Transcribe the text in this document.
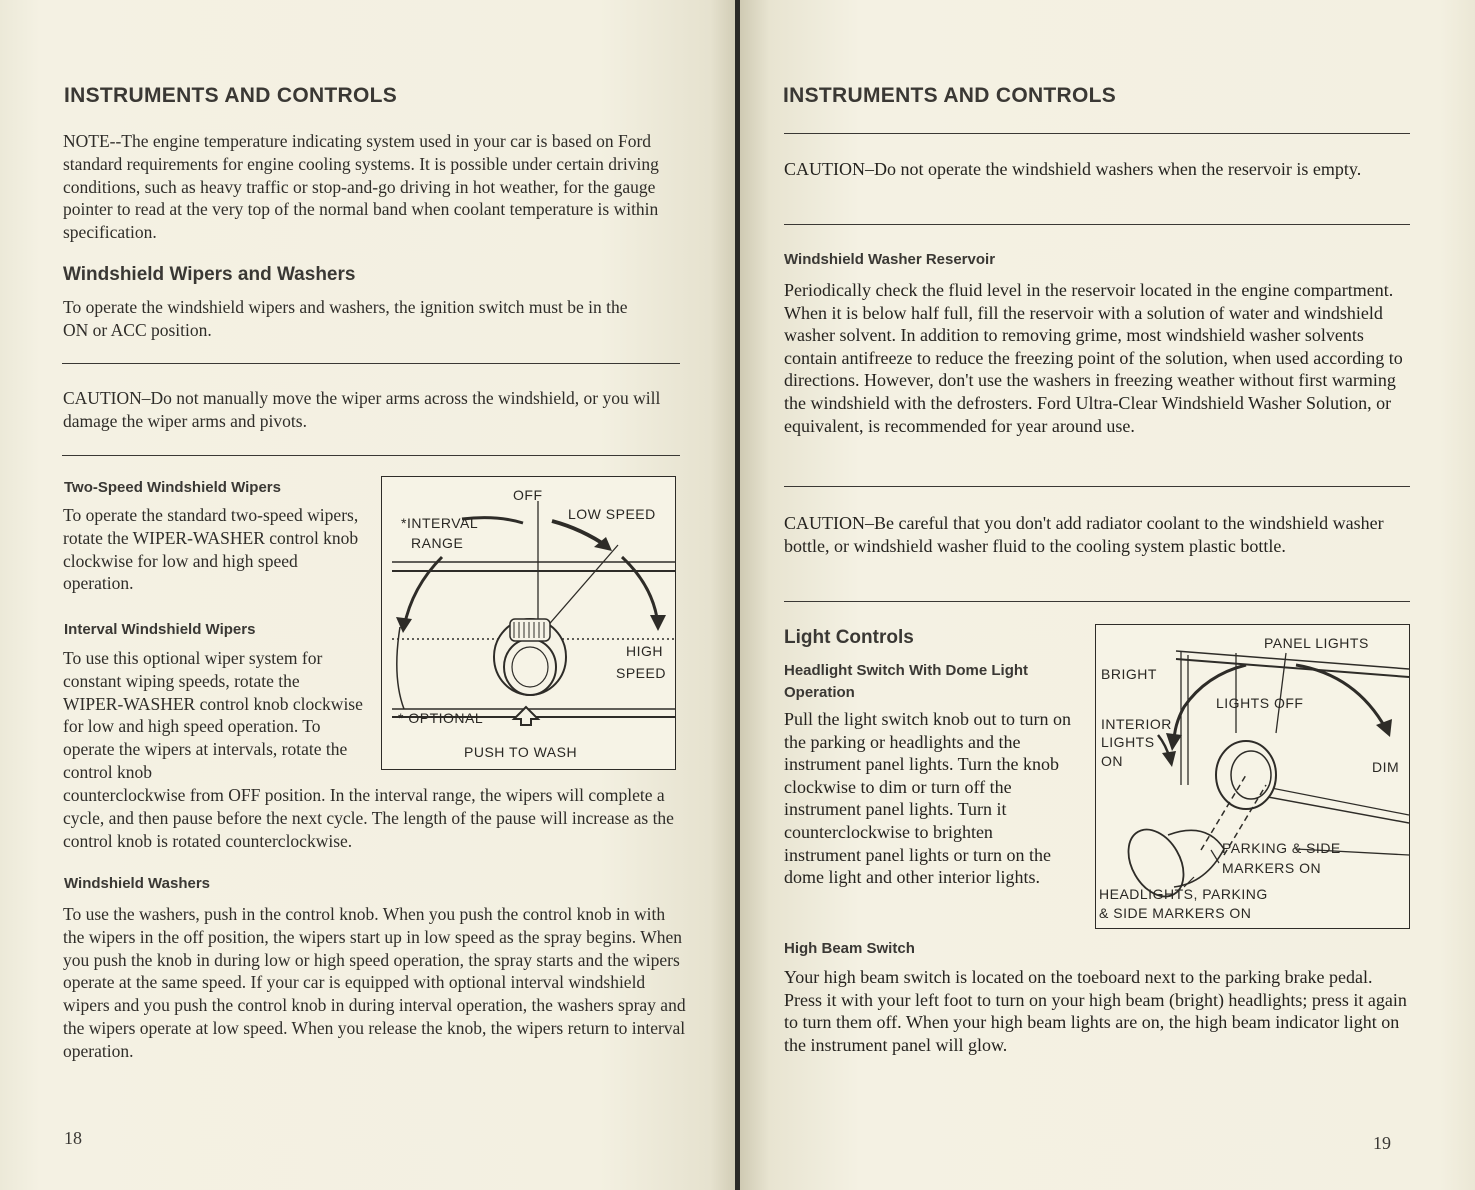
INSTRUMENTS AND CONTROLS

NOTE--The engine temperature indicating system used in your car is based on Ford standard requirements for engine cooling systems. It is possible under certain driving conditions, such as heavy traffic or stop-and-go driving in hot weather, for the gauge pointer to read at the very top of the normal band when coolant temperature is within specification.

Windshield Wipers and Washers

To operate the windshield wipers and washers, the ignition switch must be in the ON or ACC position.

CAUTION–Do not manually move the wiper arms across the windshield, or you will damage the wiper arms and pivots.

Two-Speed Windshield Wipers

To operate the standard two-speed wipers, rotate the WIPER-WASHER control knob clockwise for low and high speed operation.

Interval Windshield Wipers

To use this optional wiper system for constant wiping speeds, rotate the WIPER-WASHER control knob clockwise for low and high speed operation. To operate the wipers at intervals, rotate the control knob

counterclockwise from OFF position. In the interval range, the wipers will complete a cycle, and then pause before the next cycle. The length of the pause will increase as the control knob is rotated counterclockwise.

Windshield Washers

To use the washers, push in the control knob. When you push the control knob in with the wipers in the off position, the wipers start up in low speed as the spray begins. When you push the knob in during low or high speed operation, the spray starts and the wipers operate at the same speed. If your car is equipped with optional interval windshield wipers and you push the control knob in during interval operation, the washers spray and the wipers operate at low speed. When you release the knob, the wipers return to interval operation.

18
OFF
*INTERVAL
RANGE
LOW SPEED
HIGH
SPEED
* OPTIONAL
PUSH TO WASH
INSTRUMENTS AND CONTROLS

CAUTION–Do not operate the windshield washers when the reservoir is empty.

Windshield Washer Reservoir

Periodically check the fluid level in the reservoir located in the engine compartment. When it is below half full, fill the reservoir with a solution of water and windshield washer solvent. In addition to removing grime, most windshield washer solvents contain antifreeze to reduce the freezing point of the solution, when used according to directions. However, don't use the washers in freezing weather without first warming the windshield with the defrosters. Ford Ultra-Clear Windshield Washer Solution, or equivalent, is recommended for year around use.

CAUTION–Be careful that you don't add radiator coolant to the windshield washer bottle, or windshield washer fluid to the cooling system plastic bottle.

Light Controls
Headlight Switch With Dome Light Operation

Pull the light switch knob out to turn on the parking or headlights and the instrument panel lights. Turn the knob clockwise to dim or turn off the instrument panel lights. Turn it counterclockwise to brighten instrument panel lights or turn on the dome light and other interior lights.

High Beam Switch

Your high beam switch is located on the toeboard next to the parking brake pedal. Press it with your left foot to turn on your high beam (bright) headlights; press it again to turn them off. When your high beam lights are on, the high beam indicator light on the instrument panel will glow.

19
PANEL LIGHTS
BRIGHT
LIGHTS OFF
INTERIOR
LIGHTS
ON	DIM
PARKING & SIDE
MARKERS ON
HEADLIGHTS, PARKING
& SIDE MARKERS ON
